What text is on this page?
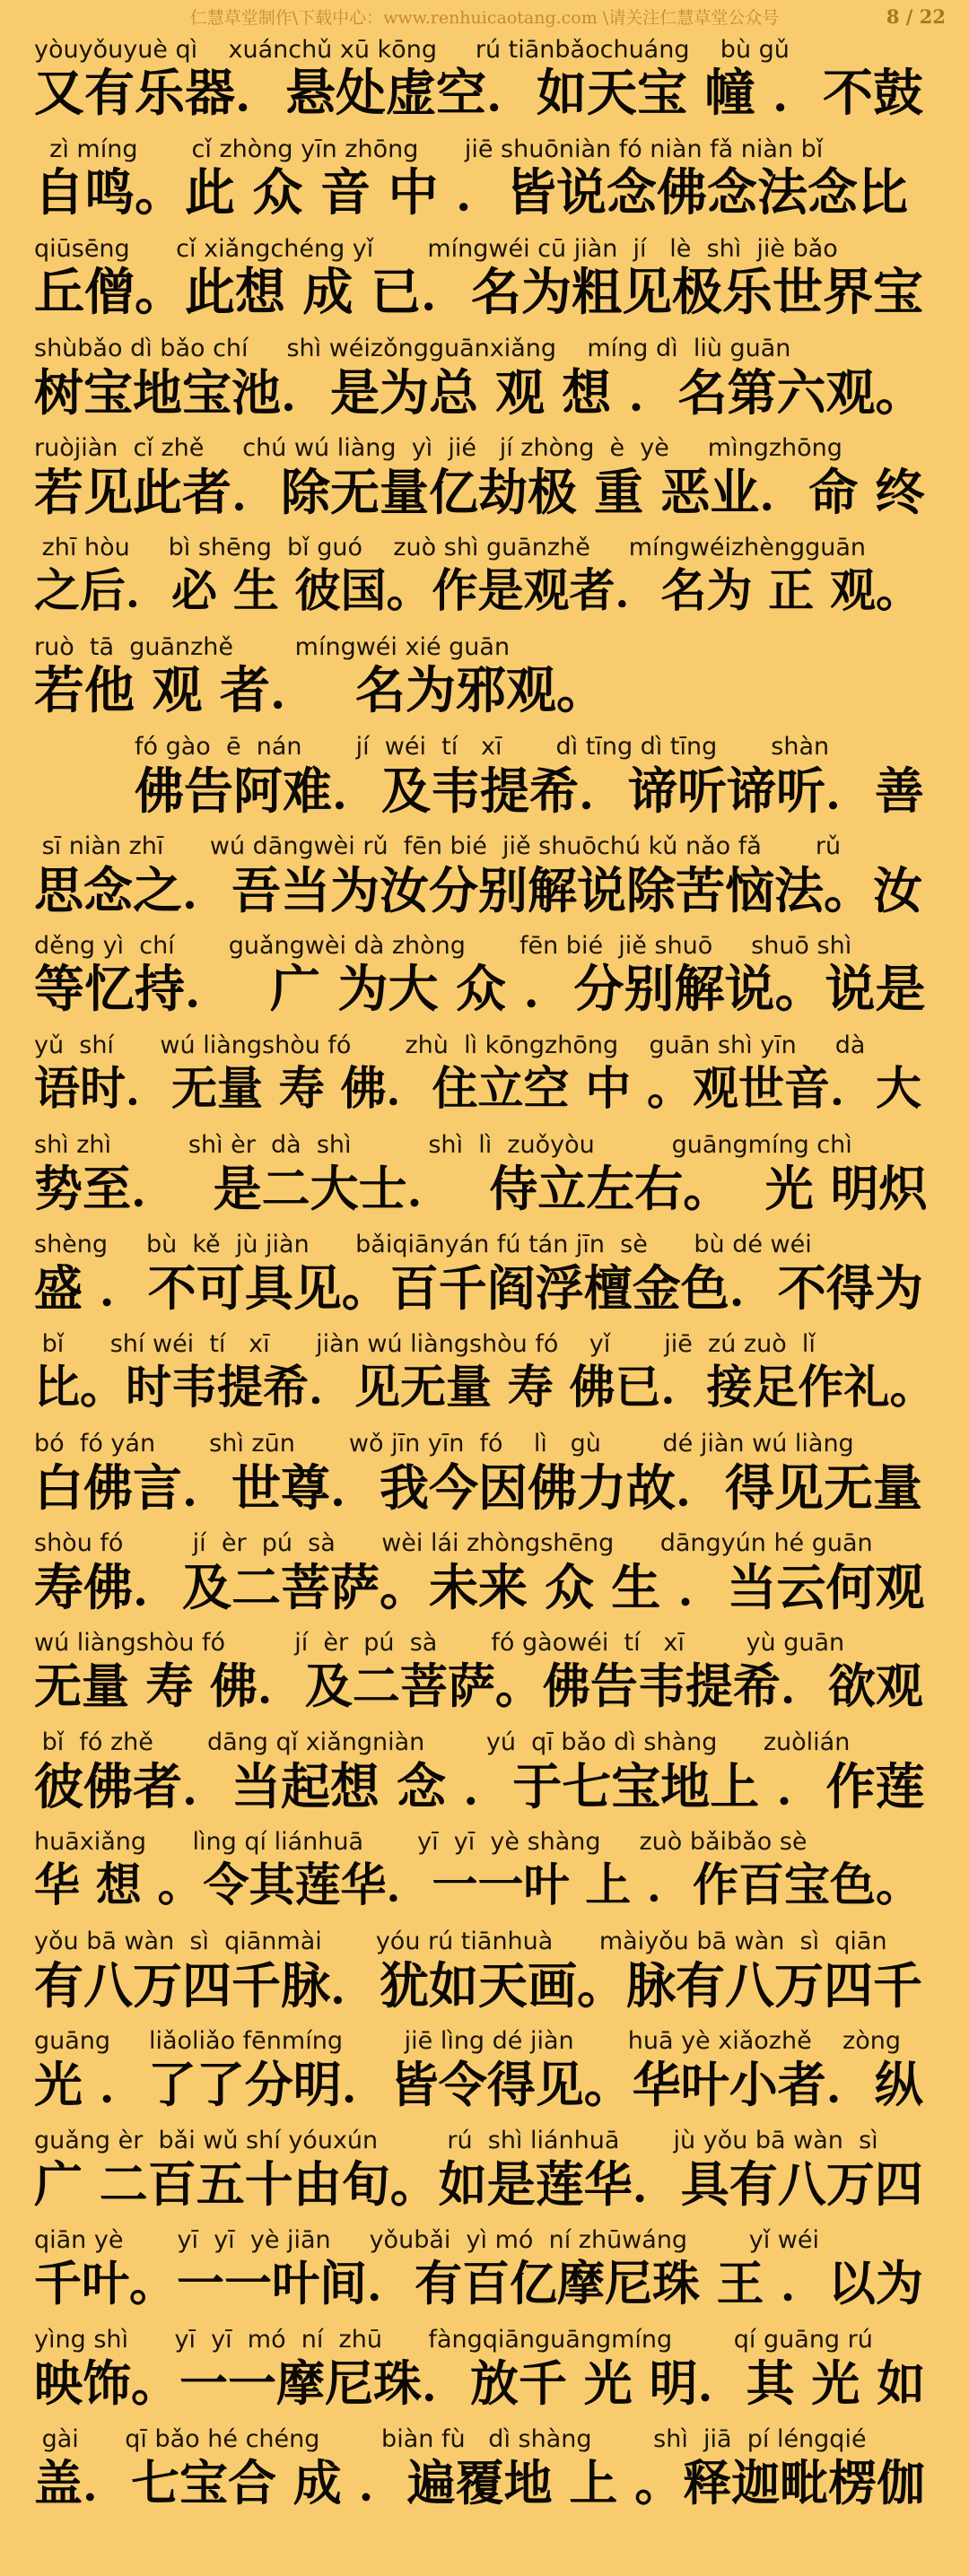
仁慧草堂制作\下载中心：www.renhuicaotang.com \请关注仁慧草堂公众号	8 / 22
yòuyǒuyuè qì    xuánchǔ xū kōng     rú tiānbǎochuáng    bù gǔ
又有乐器．悬处虚空．如天宝 幢 ．不鼓
zì míng       cǐ zhòng yīn zhōng      jiē shuōniàn fó niàn fǎ niàn bǐ
自鸣。此 众 音 中 ．皆说念佛念法念比
qiūsēng      cǐ xiǎngchéng yǐ       míngwéi cū jiàn  jí   lè  shì  jiè bǎo
丘僧。此想 成 已．名为粗见极乐世界宝
shùbǎo dì bǎo chí     shì wéizǒngguānxiǎng    míng dì  liù guān
树宝地宝池．是为总 观 想 ．名第六观。
ruòjiàn  cǐ zhě     chú wú liàng  yì  jié   jí zhòng  è  yè     mìngzhōng
若见此者．除无量亿劫极 重 恶业．命 终
zhī hòu     bì shēng  bǐ guó    zuò shì guānzhě     míngwéizhèngguān
之后．必 生 彼国。作是观者．名为 正 观。
ruò  tā  guānzhě        míngwéi xié guān
若他 观 者．  名为邪观。
fó gào  ē  nán       jí  wéi  tí   xī       dì tīng dì tīng       shàn
佛告阿难．及韦提希．谛听谛听．善
sī niàn zhī      wú dāngwèi rǔ  fēn bié  jiě shuōchú kǔ nǎo fǎ       rǔ
思念之．吾当为汝分别解说除苦恼法。汝
děng yì  chí       guǎngwèi dà zhòng       fēn bié  jiě shuō     shuō shì
等忆持．  广 为大 众 ．分别解说。说是
yǔ  shí      wú liàngshòu fó       zhù  lì kōngzhōng    guān shì yīn     dà
语时．无量 寿 佛．住立空 中 。观世音．大
shì zhì          shì èr  dà  shì          shì  lì  zuǒyòu          guāngmíng chì
势至．  是二大士．  侍立左右。  光 明炽
shèng     bù  kě  jù jiàn      bǎiqiānyán fú tán jīn  sè      bù dé wéi
盛 ．不可具见。百千阎浮檀金色．不得为
bǐ      shí wéi  tí   xī      jiàn wú liàngshòu fó    yǐ       jiē  zú zuò  lǐ
比。时韦提希．见无量 寿 佛已．接足作礼。
bó  fó yán       shì zūn       wǒ jīn yīn  fó    lì   gù        dé jiàn wú liàng
白佛言．世尊．我今因佛力故．得见无量
shòu fó         jí  èr  pú  sà      wèi lái zhòngshēng      dāngyún hé guān
寿佛．及二菩萨。未来 众 生 ．当云何观
wú liàngshòu fó         jí  èr  pú  sà       fó gàowéi  tí   xī        yù guān
无量 寿 佛．及二菩萨。佛告韦提希．欲观
bǐ  fó zhě       dāng qǐ xiǎngniàn        yú  qī bǎo dì shàng      zuòlián
彼佛者．当起想 念 ．于七宝地上 ．作莲
huāxiǎng      lìng qí liánhuā       yī  yī  yè shàng     zuò bǎibǎo sè
华 想 。令其莲华．一一叶 上 ．作百宝色。
yǒu bā wàn  sì  qiānmài       yóu rú tiānhuà      màiyǒu bā wàn  sì  qiān
有八万四千脉．犹如天画。脉有八万四千
guāng     liǎoliǎo fēnmíng        jiē lìng dé jiàn       huā yè xiǎozhě    zòng
光 ．了了分明．皆令得见。华叶小者．纵
guǎng èr  bǎi wǔ shí yóuxún         rú  shì liánhuā       jù yǒu bā wàn  sì
广 二百五十由旬。如是莲华．具有八万四
qiān yè       yī  yī  yè jiān     yǒubǎi  yì mó  ní zhūwáng        yǐ wéi
千叶。一一叶间．有百亿摩尼珠 王 ．以为
yìng shì      yī  yī  mó  ní  zhū      fàngqiānguāngmíng        qí guāng rú
映饰。一一摩尼珠．放千 光 明．其 光 如
gài      qī bǎo hé chéng        biàn fù   dì shàng        shì  jiā  pí léngqié
盖．七宝合 成 ．遍覆地 上 。释迦毗楞伽
